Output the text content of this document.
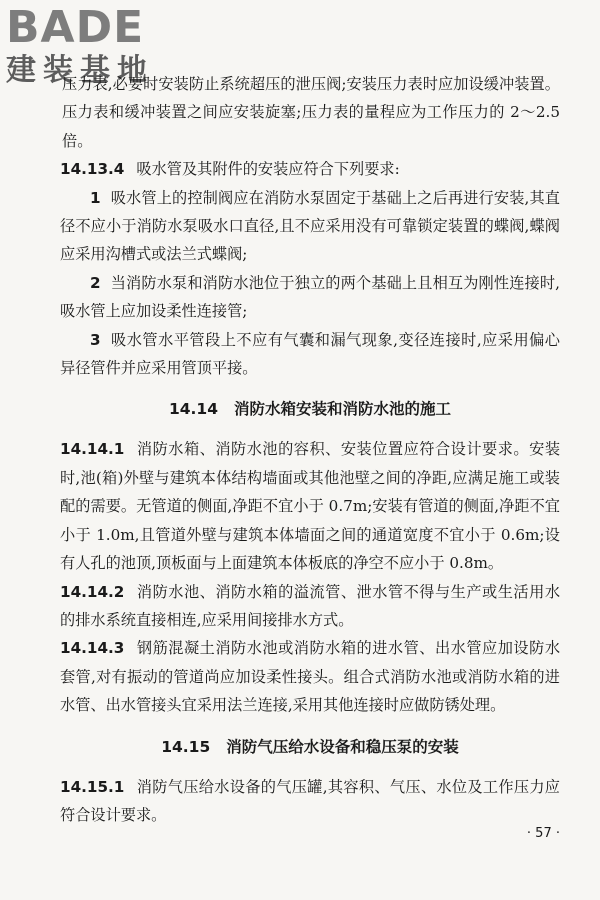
BADE
建装基地

压力表,必要时安装防止系统超压的泄压阀;安装压力表时应加设缓冲装置。压力表和缓冲装置之间应安装旋塞;压力表的量程应为工作压力的 2～2.5 倍。

14.13.4 吸水管及其附件的安装应符合下列要求:

1 吸水管上的控制阀应在消防水泵固定于基础上之后再进行安装,其直径不应小于消防水泵吸水口直径,且不应采用没有可靠锁定装置的蝶阀,蝶阀应采用沟槽式或法兰式蝶阀;

2 当消防水泵和消防水池位于独立的两个基础上且相互为刚性连接时,吸水管上应加设柔性连接管;

3 吸水管水平管段上不应有气囊和漏气现象,变径连接时,应采用偏心异径管件并应采用管顶平接。

14.14 消防水箱安装和消防水池的施工

14.14.1 消防水箱、消防水池的容积、安装位置应符合设计要求。安装时,池(箱)外壁与建筑本体结构墙面或其他池壁之间的净距,应满足施工或装配的需要。无管道的侧面,净距不宜小于 0.7m;安装有管道的侧面,净距不宜小于 1.0m,且管道外壁与建筑本体墙面之间的通道宽度不宜小于 0.6m;设有人孔的池顶,顶板面与上面建筑本体板底的净空不应小于 0.8m。

14.14.2 消防水池、消防水箱的溢流管、泄水管不得与生产或生活用水的排水系统直接相连,应采用间接排水方式。

14.14.3 钢筋混凝土消防水池或消防水箱的进水管、出水管应加设防水套管,对有振动的管道尚应加设柔性接头。组合式消防水池或消防水箱的进水管、出水管接头宜采用法兰连接,采用其他连接时应做防锈处理。

14.15 消防气压给水设备和稳压泵的安装

14.15.1 消防气压给水设备的气压罐,其容积、气压、水位及工作压力应符合设计要求。

· 57 ·
